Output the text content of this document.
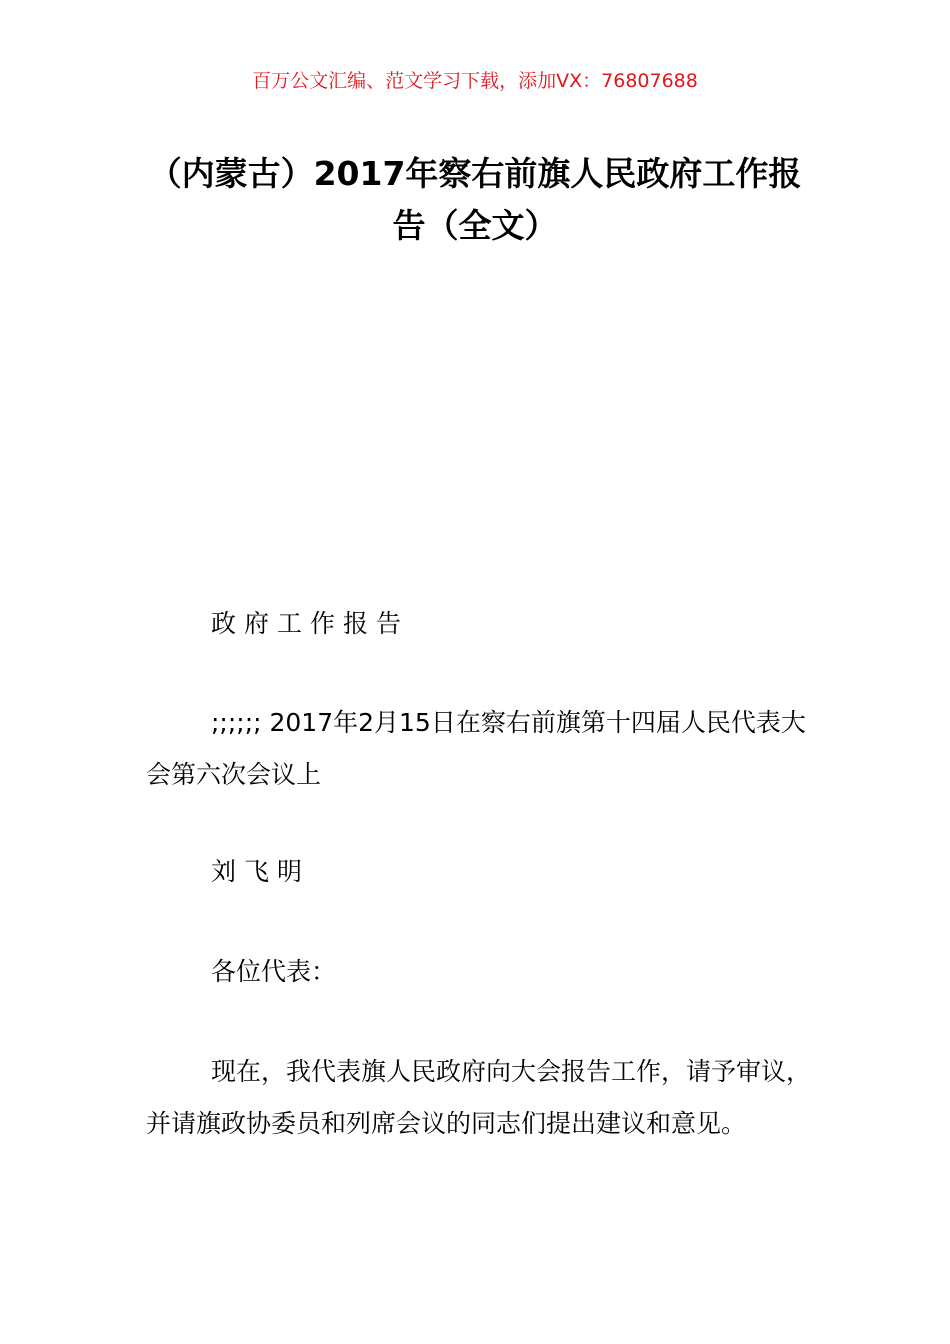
百万公文汇编、范文学习下载，添加VX：76807688
（内蒙古）2017年察右前旗人民政府工作报告（全文）
政府工作报告
;;;;;; 2017年2月15日在察右前旗第十四届人民代表大会第六次会议上
刘飞明
各位代表：
现在，我代表旗人民政府向大会报告工作，请予审议，并请旗政协委员和列席会议的同志们提出建议和意见。
